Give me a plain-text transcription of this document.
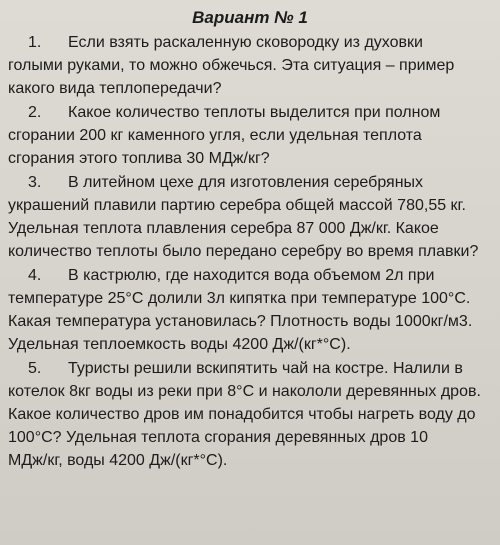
Вариант № 1
1. Если взять раскаленную сковородку из духовки
голыми руками, то можно обжечься. Эта ситуация – пример
какого вида теплопередачи?
2. Какое количество теплоты выделится при полном
сгорании 200 кг каменного угля, если удельная теплота
сгорания этого топлива 30 МДж/кг?
3. В литейном цехе для изготовления серебряных
украшений плавили партию серебра общей массой 780,55 кг.
Удельная теплота плавления серебра 87 000 Дж/кг. Какое
количество теплоты было передано серебру во время плавки?
4. В кастрюлю, где находится вода объемом 2л при
температуре 25°С долили 3л кипятка при температуре 100°С.
Какая температура установилась? Плотность воды 1000кг/м3.
Удельная теплоемкость воды 4200 Дж/(кг*°С).
5. Туристы решили вскипятить чай на костре. Налили в
котелок 8кг воды из реки при 8°С и накололи деревянных дров.
Какое количество дров им понадобится чтобы нагреть воду до
100°С? Удельная теплота сгорания деревянных дров 10
МДж/кг, воды 4200 Дж/(кг*°С).
